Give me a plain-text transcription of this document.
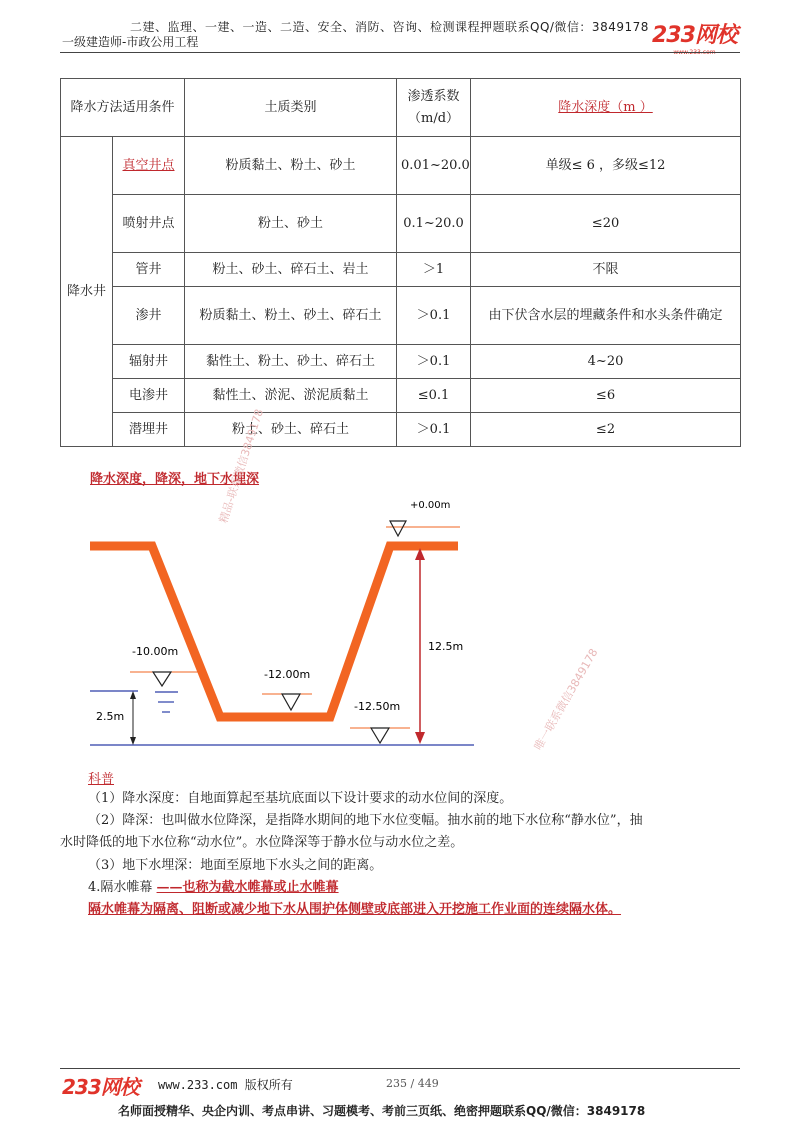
二建、监理、一建、一造、二造、安全、消防、咨询、检测课程押题联系QQ/微信：3849178
一级建造师-市政公用工程	233网校
降水方法适用条件		土质类别	渗透系数（m/d）	降水深度（m ）
降水井	真空井点	粉质黏土、粉土、砂土	0.01~20.0	单级≤ 6 ，多级≤12
	喷射井点	粉土、砂土	0.1~20.0	≤20
	管井	粉土、砂土、碎石土、岩土	＞1	不限
	渗井	粉质黏土、粉土、砂土、碎石土	＞0.1	由下伏含水层的埋藏条件和水头条件确定
	辐射井	黏性土、粉土、砂土、碎石土	＞0.1	4~20
	电渗井	黏性土、淤泥、淤泥质黏土	≤0.1	≤6
	潜埋井	粉土、砂土、碎石土	＞0.1	≤2
降水深度，降深，地下水埋深
+0.00m
-10.00m
-12.00m
-12.50m
12.5m
2.5m
精品-联系微信3849178
唯一联系微信3849178
科普
（1）降水深度：自地面算起至基坑底面以下设计要求的动水位间的深度。
（2）降深：也叫做水位降深，是指降水期间的地下水位变幅。抽水前的地下水位称“静水位”，抽
水时降低的地下水位称“动水位”。水位降深等于静水位与动水位之差。
（3）地下水埋深：地面至原地下水头之间的距离。
4.隔水帷幕 ——也称为截水帷幕或止水帷幕
隔水帷幕为隔离、阻断或减少地下水从围护体侧壁或底部进入开挖施工作业面的连续隔水体。
233网校 www.233.com 版权所有	235 / 449
名师面授精华、央企内训、考点串讲、习题模考、考前三页纸、绝密押题联系QQ/微信：3849178
